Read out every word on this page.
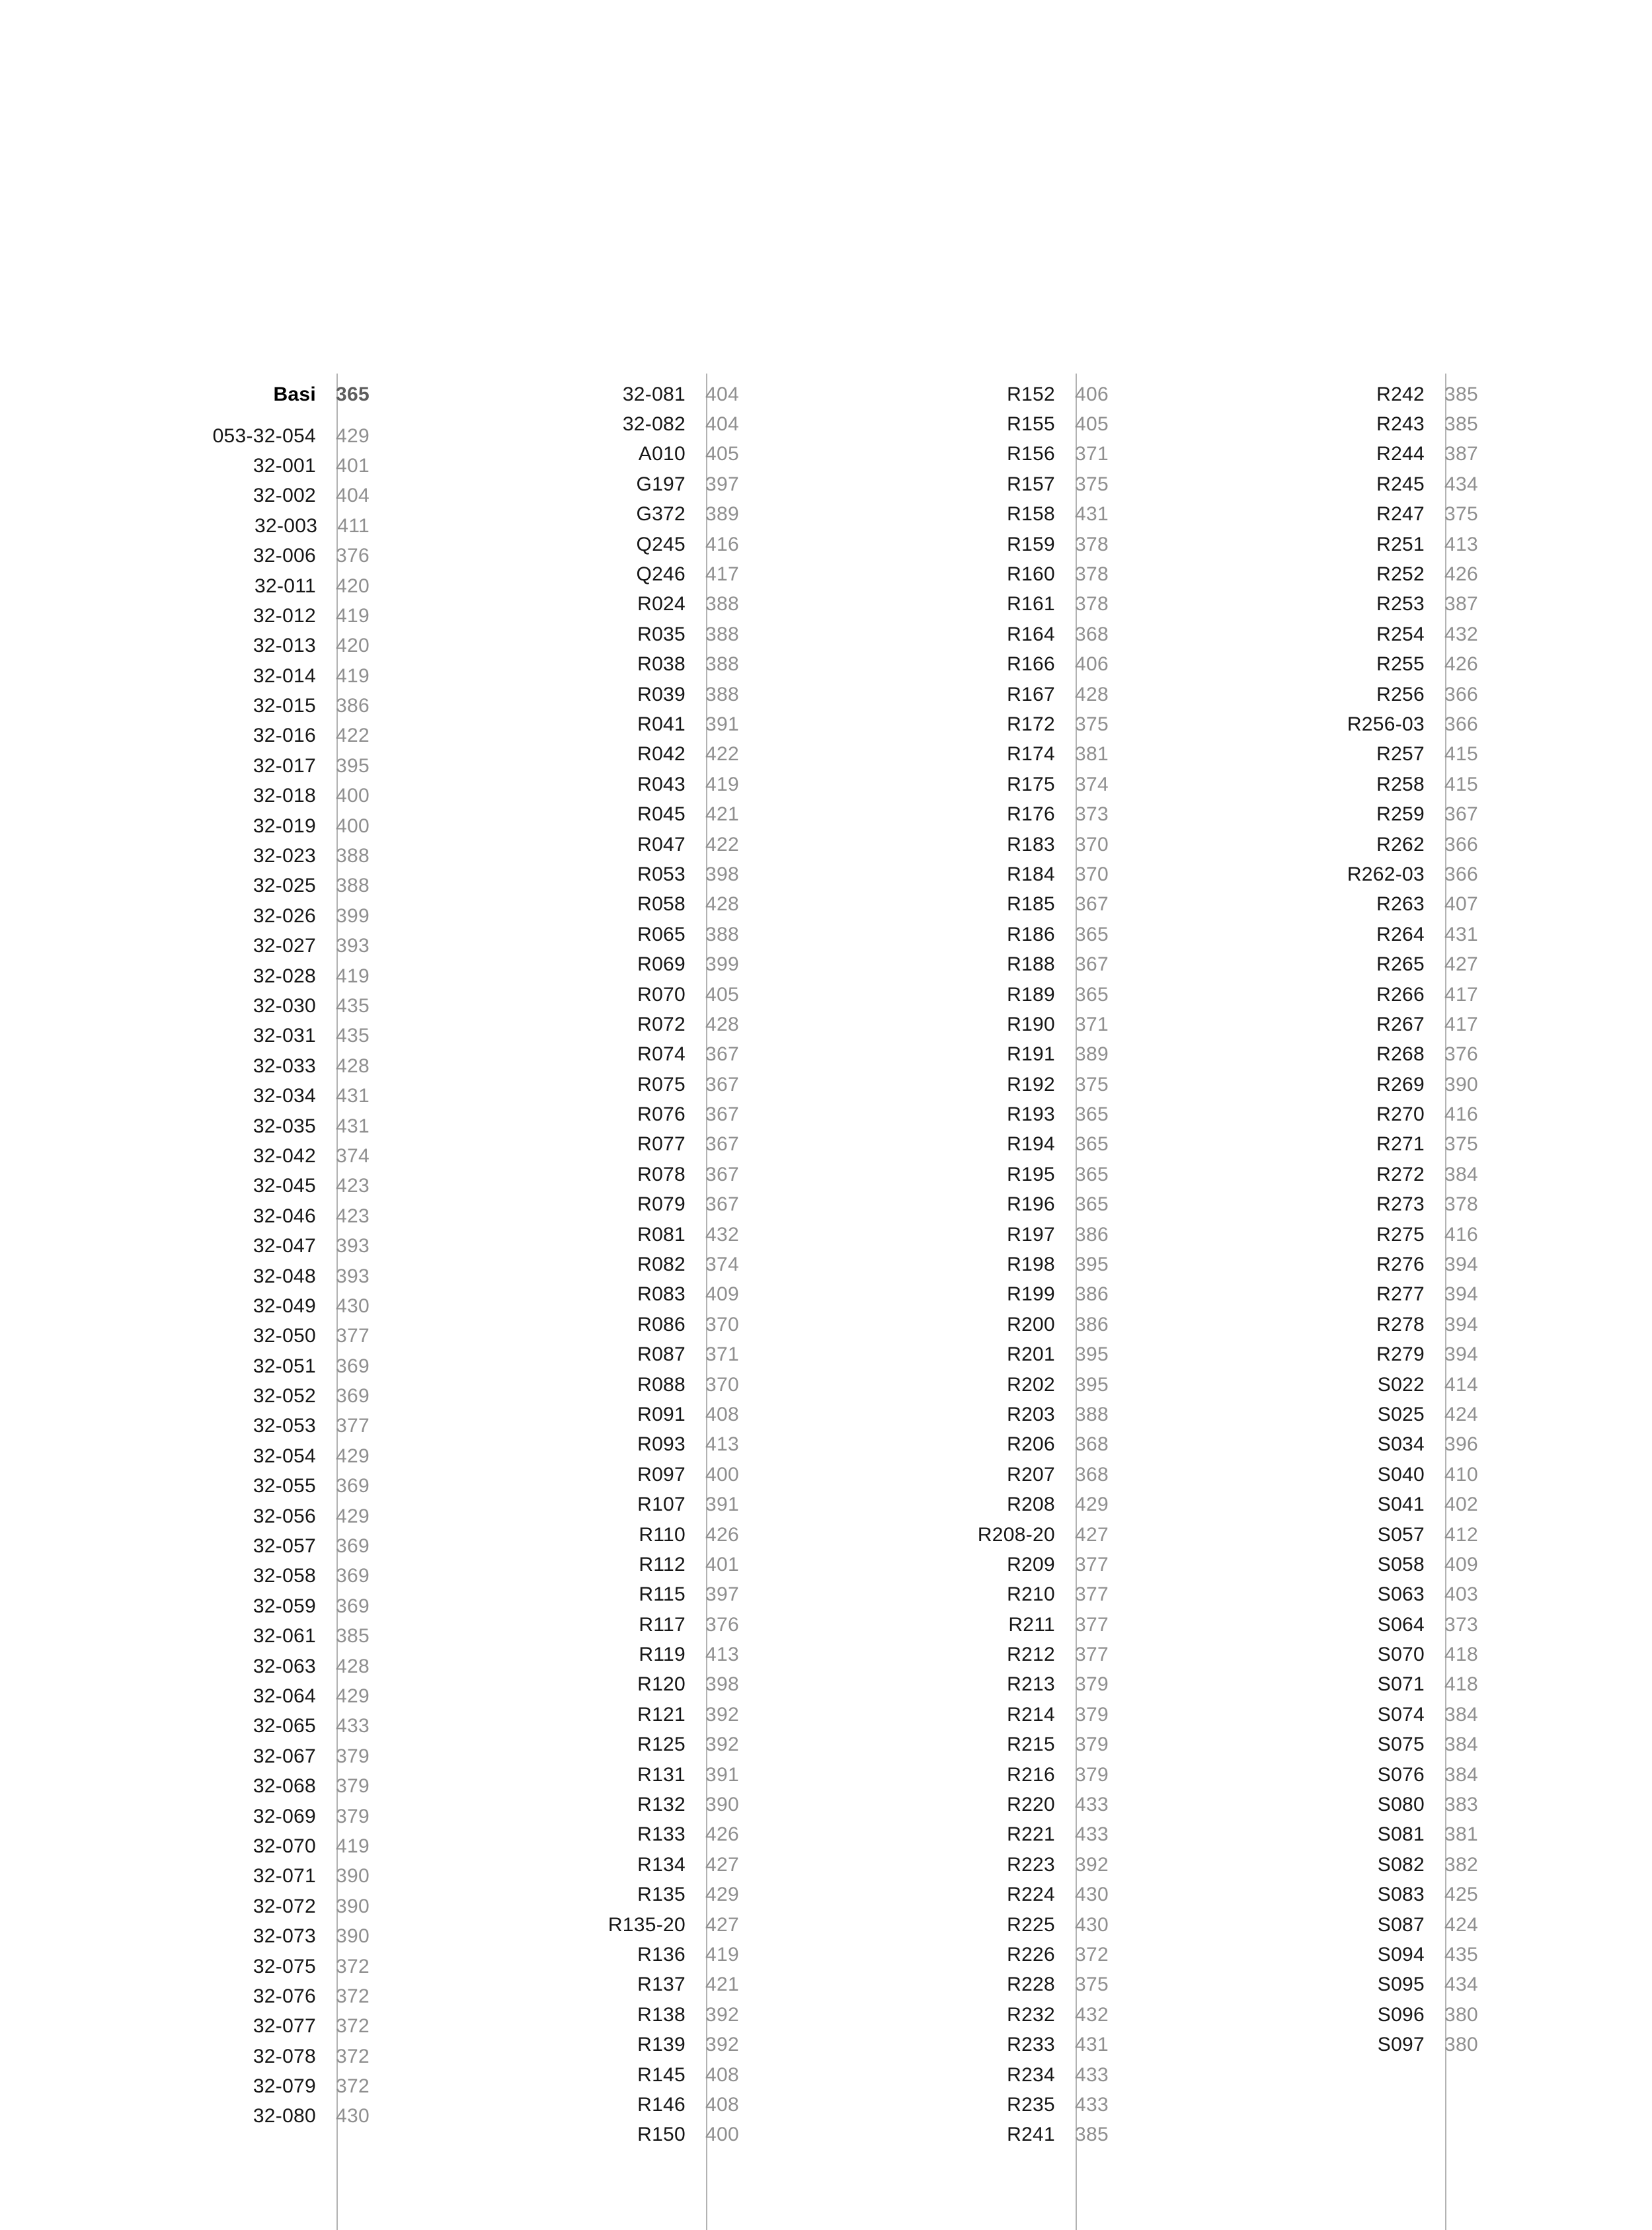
Basi	365
053-32-054	429
32-001	401
32-002	404
32-003	411
32-006	376
32-011	420
32-012	419
32-013	420
32-014	419
32-015	386
32-016	422
32-017	395
32-018	400
32-019	400
32-023	388
32-025	388
32-026	399
32-027	393
32-028	419
32-030	435
32-031	435
32-033	428
32-034	431
32-035	431
32-042	374
32-045	423
32-046	423
32-047	393
32-048	393
32-049	430
32-050	377
32-051	369
32-052	369
32-053	377
32-054	429
32-055	369
32-056	429
32-057	369
32-058	369
32-059	369
32-061	385
32-063	428
32-064	429
32-065	433
32-067	379
32-068	379
32-069	379
32-070	419
32-071	390
32-072	390
32-073	390
32-075	372
32-076	372
32-077	372
32-078	372
32-079	372
32-080	430
32-081	404
32-082	404
A010	405
G197	397
G372	389
Q245	416
Q246	417
R024	388
R035	388
R038	388
R039	388
R041	391
R042	422
R043	419
R045	421
R047	422
R053	398
R058	428
R065	388
R069	399
R070	405
R072	428
R074	367
R075	367
R076	367
R077	367
R078	367
R079	367
R081	432
R082	374
R083	409
R086	370
R087	371
R088	370
R091	408
R093	413
R097	400
R107	391
R110	426
R112	401
R115	397
R117	376
R119	413
R120	398
R121	392
R125	392
R131	391
R132	390
R133	426
R134	427
R135	429
R135-20	427
R136	419
R137	421
R138	392
R139	392
R145	408
R146	408
R150	400
R152	406
R155	405
R156	371
R157	375
R158	431
R159	378
R160	378
R161	378
R164	368
R166	406
R167	428
R172	375
R174	381
R175	374
R176	373
R183	370
R184	370
R185	367
R186	365
R188	367
R189	365
R190	371
R191	389
R192	375
R193	365
R194	365
R195	365
R196	365
R197	386
R198	395
R199	386
R200	386
R201	395
R202	395
R203	388
R206	368
R207	368
R208	429
R208-20	427
R209	377
R210	377
R211	377
R212	377
R213	379
R214	379
R215	379
R216	379
R220	433
R221	433
R223	392
R224	430
R225	430
R226	372
R228	375
R232	432
R233	431
R234	433
R235	433
R241	385
R242	385
R243	385
R244	387
R245	434
R247	375
R251	413
R252	426
R253	387
R254	432
R255	426
R256	366
R256-03	366
R257	415
R258	415
R259	367
R262	366
R262-03	366
R263	407
R264	431
R265	427
R266	417
R267	417
R268	376
R269	390
R270	416
R271	375
R272	384
R273	378
R275	416
R276	394
R277	394
R278	394
R279	394
S022	414
S025	424
S034	396
S040	410
S041	402
S057	412
S058	409
S063	403
S064	373
S070	418
S071	418
S074	384
S075	384
S076	384
S080	383
S081	381
S082	382
S083	425
S087	424
S094	435
S095	434
S096	380
S097	380
